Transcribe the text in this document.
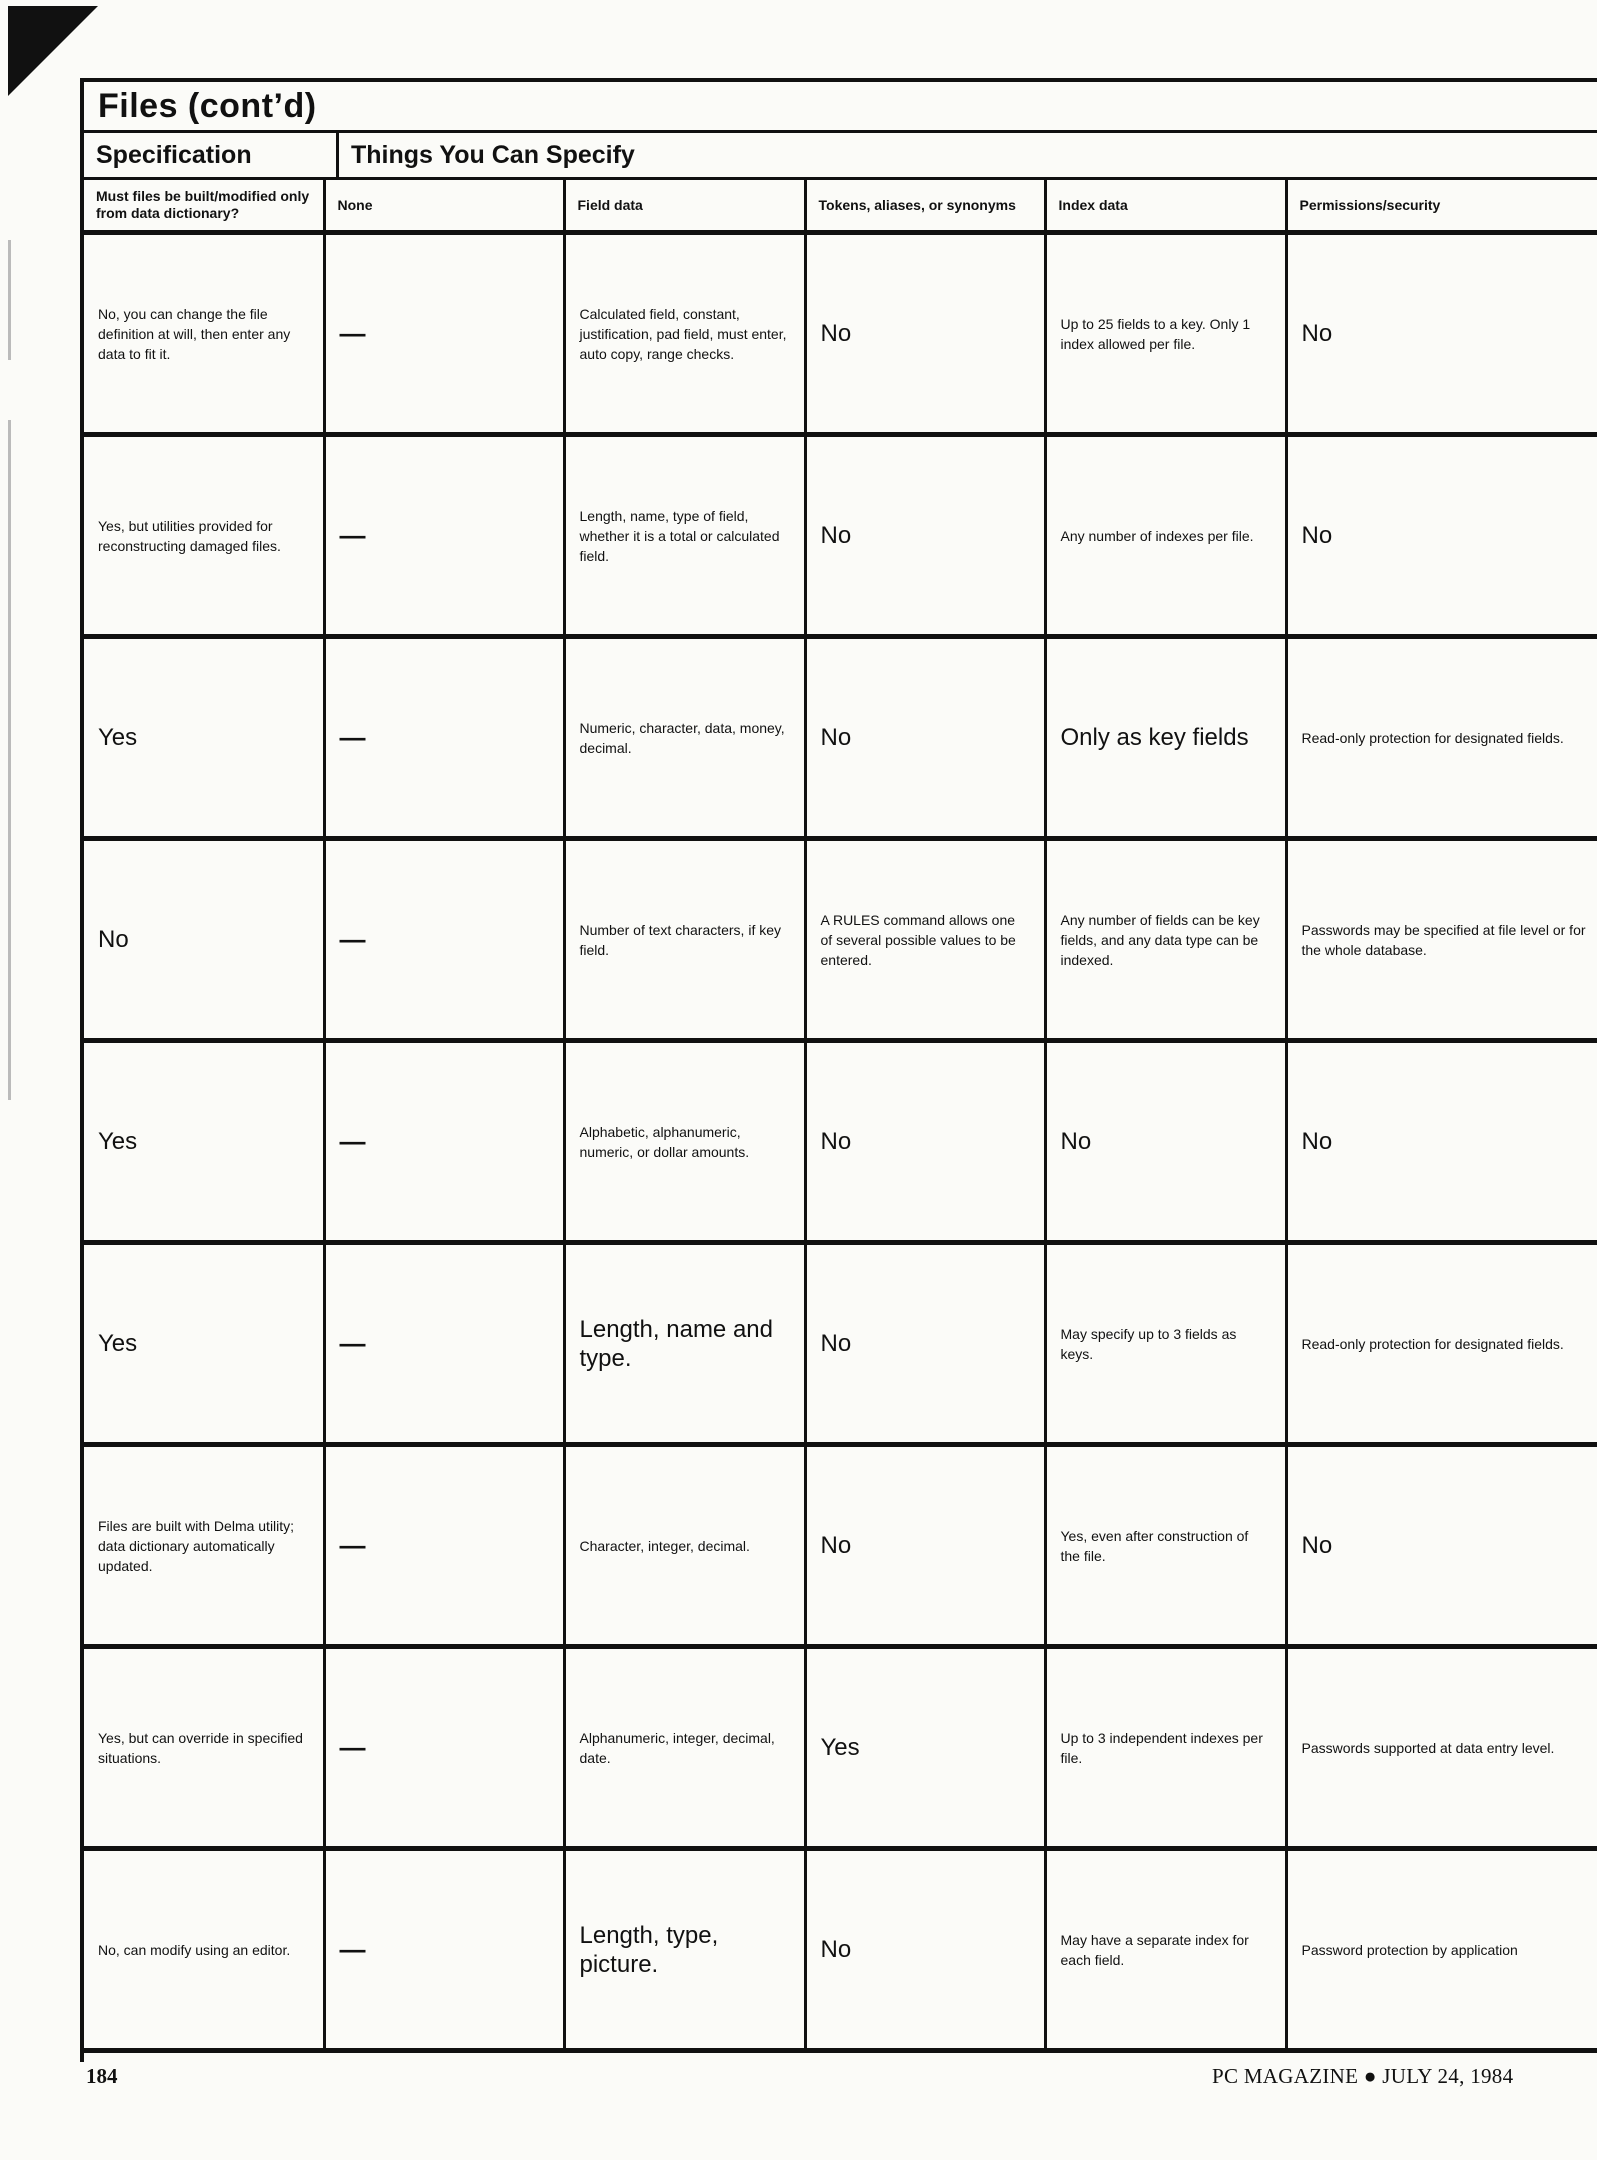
Files (cont’d)
Specification	Things You Can Specify
Must files be built/modified only from data dictionary?	None	Field data	Tokens, aliases, or synonyms	Index data	Permissions/security
No, you can change the file definition at will, then enter any data to fit it.	—	Calculated field, constant, justification, pad field, must enter, auto copy, range checks.	No	Up to 25 fields to a key. Only 1 index allowed per file.	No
Yes, but utilities provided for reconstructing damaged files.	—	Length, name, type of field, whether it is a total or calculated field.	No	Any number of indexes per file.	No
Yes	—	Numeric, character, data, money, decimal.	No	Only as key fields	Read-only protection for designated fields.
No	—	Number of text characters, if key field.	A RULES command allows one of several possible values to be entered.	Any number of fields can be key fields, and any data type can be indexed.	Passwords may be specified at file level or for the whole database.
Yes	—	Alphabetic, alphanumeric, numeric, or dollar amounts.	No	No	No
Yes	—	Length, name and type.	No	May specify up to 3 fields as keys.	Read-only protection for designated fields.
Files are built with Delma utility; data dictionary automatically updated.	—	Character, integer, decimal.	No	Yes, even after construction of the file.	No
Yes, but can override in specified situations.	—	Alphanumeric, integer, decimal, date.	Yes	Up to 3 independent indexes per file.	Passwords supported at data entry level.
No, can modify using an editor.	—	Length, type, picture.	No	May have a separate index for each field.	Password protection by application
184	PC MAGAZINE ● JULY 24, 1984
